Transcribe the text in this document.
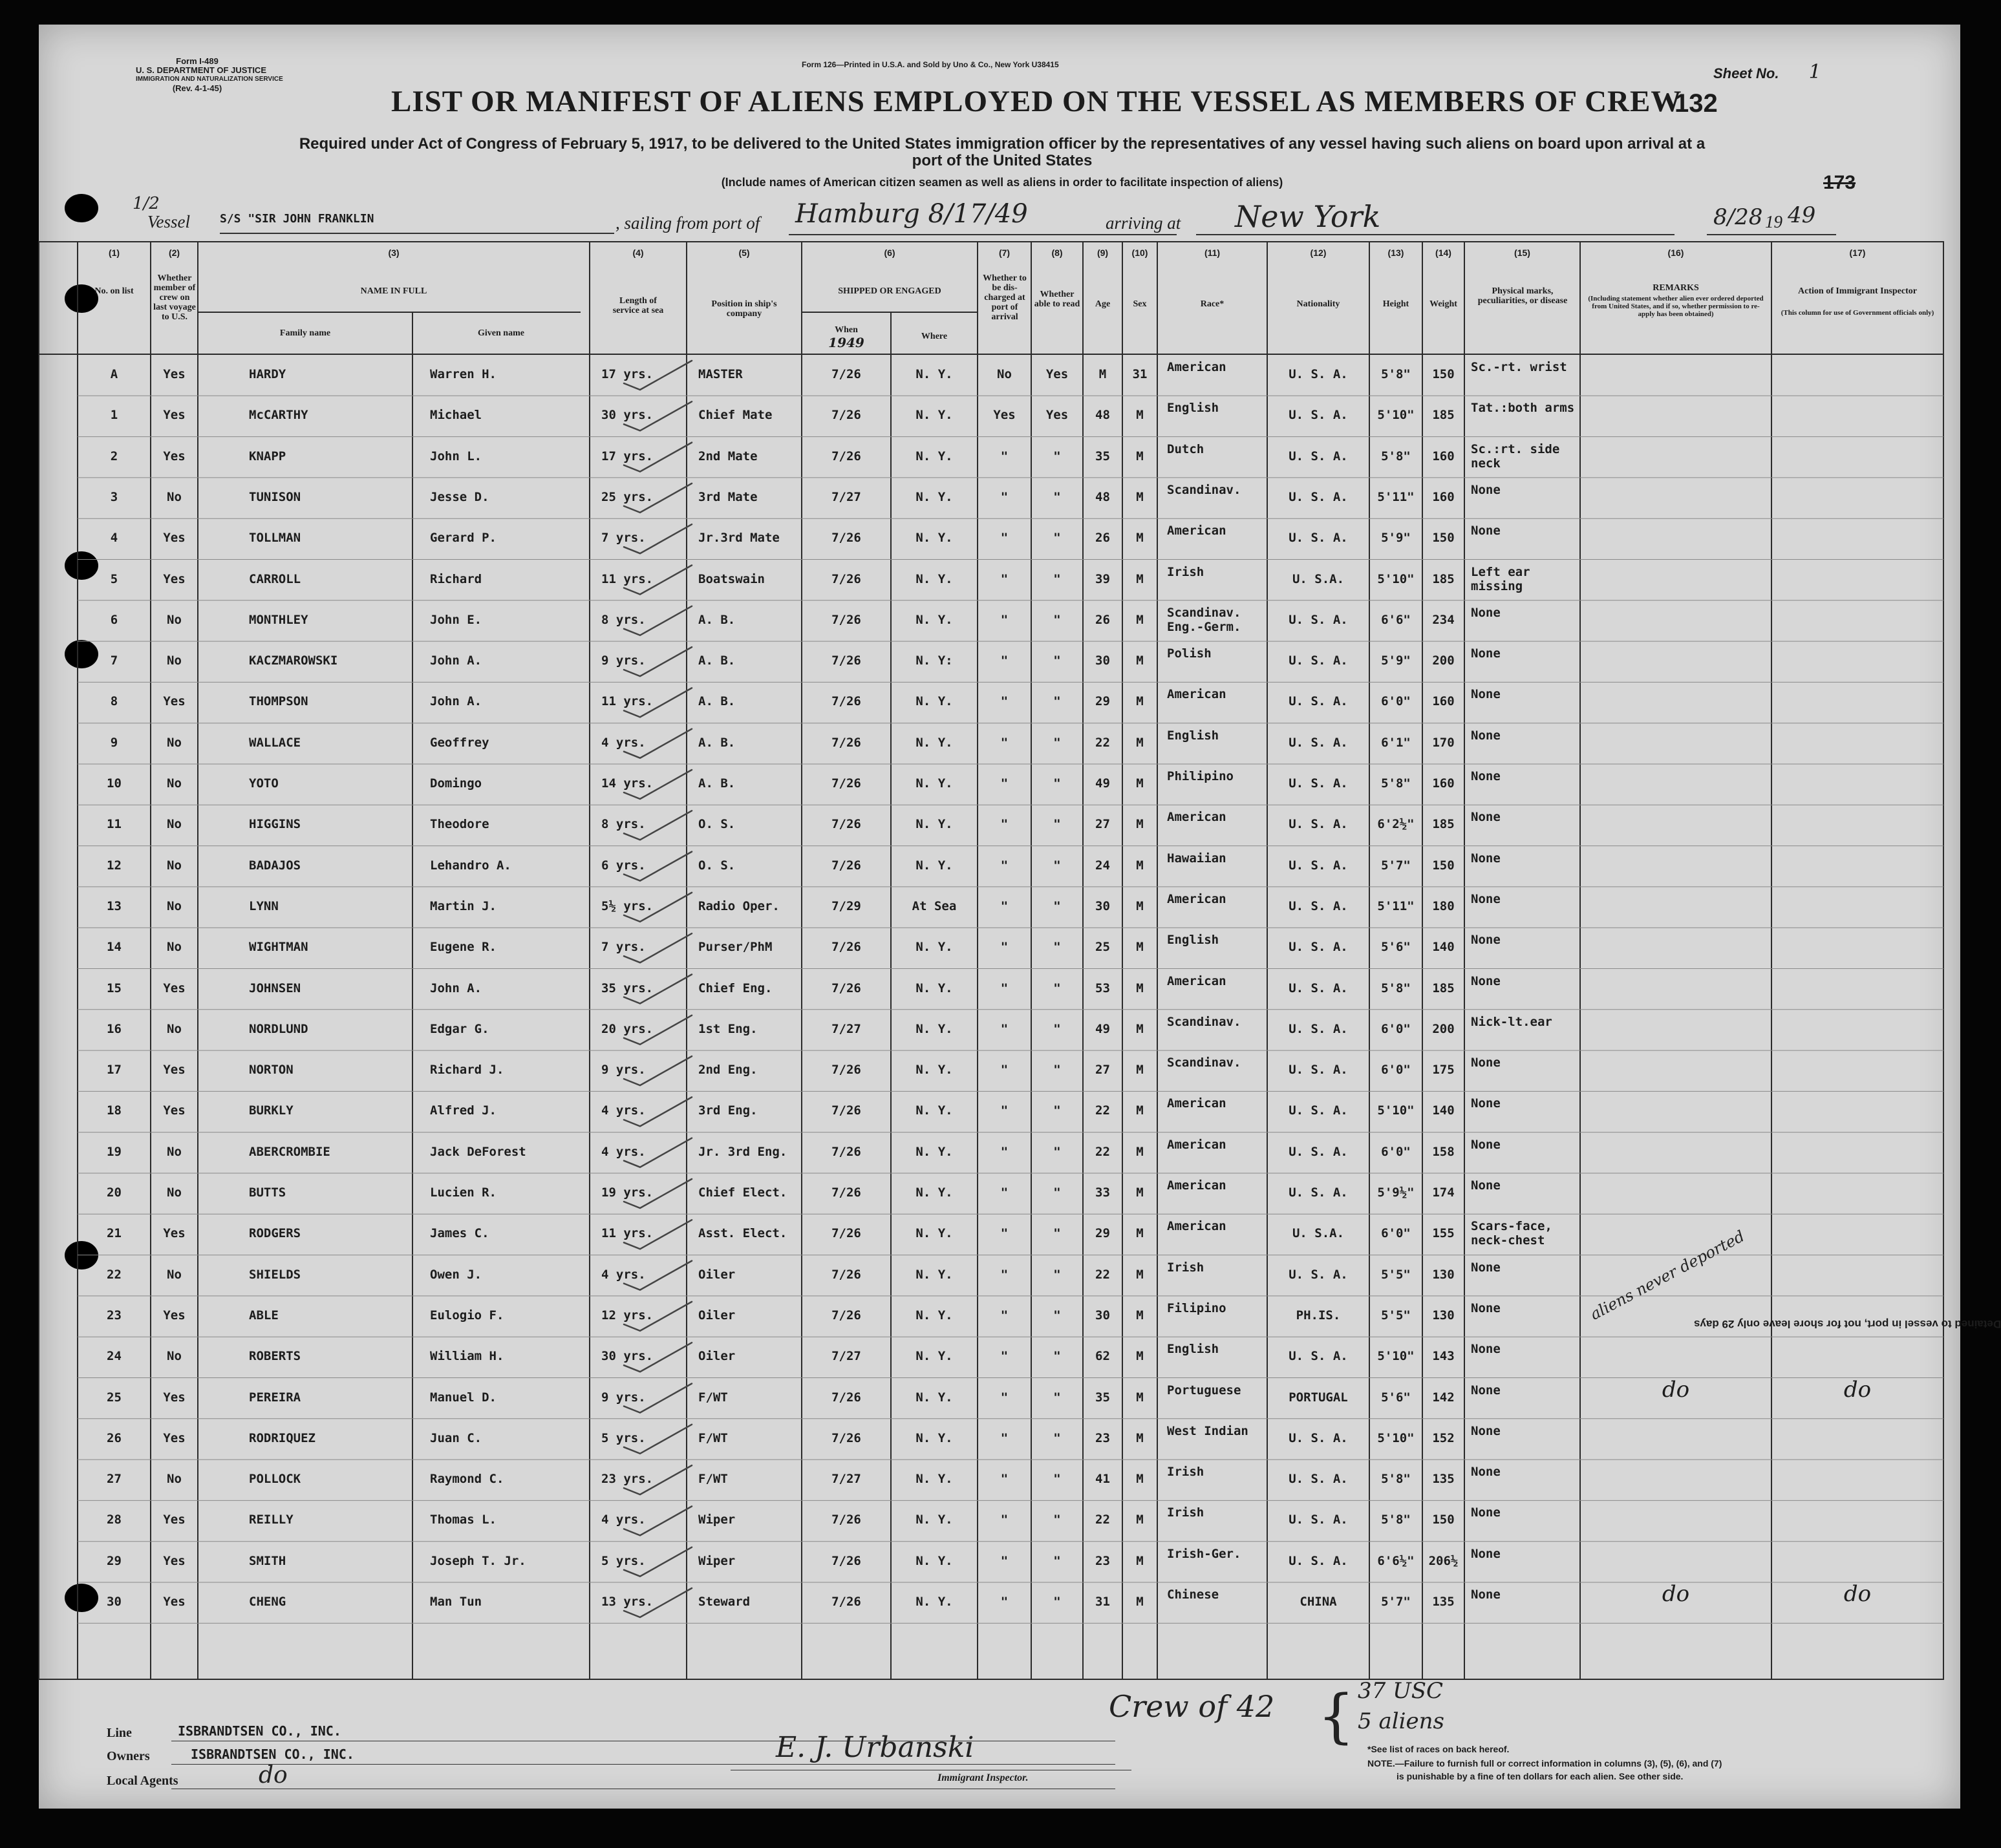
Form I-489
U. S. DEPARTMENT OF JUSTICE
IMMIGRATION AND NATURALIZATION SERVICE
(Rev. 4-1-45)
Form 126—Printed in U.S.A. and Sold by Uno & Co., New York U38415
Sheet No. 1
LIST OR MANIFEST OF ALIENS EMPLOYED ON THE VESSEL AS MEMBERS OF CREW
132
Required under Act of Congress of February 5, 1917, to be delivered to the United States immigration officer by the representatives of any vessel having such aliens on board upon arrival at a
port of the United States
(Include names of American citizen seamen as well as aliens in order to facilitate inspection of aliens)	173
1/2
Vessel	S/S "SIR JOHN FRANKLIN	, sailing from port of Hamburg 8/17/49	arriving at New York	8/28 19 49
(1)	(2)	(3)	(4)	(5)	(6)	(7)	(8)	(9)	(10)	(11)	(12)	(13)	(14)	(15)	(16)	(17)
No. on list
Whether member of crew on last voyage to U.S.
NAME IN FULL
Family name	Given name
Length of service at sea
Position in ship's company
SHIPPED OR ENGAGED
When
1949	Where
Whether to be dis-charged at port of arrival
Whether able to read	Age	Sex	Race*	Nationality	Height	Weight
Physical marks, peculiarities, or disease
REMARKS
(Including statement whether alien ever ordered deported from United States, and if so, whether permission to re-apply has been obtained)
Action of Immigrant Inspector
(This column for use of Government officials only)
A	Yes	HARDY	Warren H.	17 yrs.	MASTER	7/26	N. Y.	No	Yes	M	31	American	U. S. A.	5'8"	150	Sc.-rt. wrist
1	Yes	McCARTHY	Michael	30 yrs.	Chief Mate	7/26	N. Y.	Yes	Yes	48	M	English	U. S. A.	5'10"	185	Tat.:both arms
2	Yes	KNAPP	John L.	17 yrs.	2nd Mate	7/26	N. Y.	"	"	35	M	Dutch	U. S. A.	5'8"	160	Sc.:rt. side neck
3	No	TUNISON	Jesse D.	25 yrs.	3rd Mate	7/27	N. Y.	"	"	48	M	Scandinav.	U. S. A.	5'11"	160	None
4	Yes	TOLLMAN	Gerard P.	7 yrs.	Jr.3rd Mate	7/26	N. Y.	"	"	26	M	American	U. S. A.	5'9"	150	None
5	Yes	CARROLL	Richard	11 yrs.	Boatswain	7/26	N. Y.	"	"	39	M	Irish	U. S.A.	5'10"	185	Left ear missing
6	No	MONTHLEY	John E.	8 yrs.	A. B.	7/26	N. Y.	"	"	26	M	Scandinav. Eng.-Germ.	U. S. A.	6'6"	234	None
7	No	KACZMAROWSKI	John A.	9 yrs.	A. B.	7/26	N. Y:	"	"	30	M	Polish	U. S. A.	5'9"	200	None
8	Yes	THOMPSON	John A.	11 yrs.	A. B.	7/26	N. Y.	"	"	29	M	American	U. S. A.	6'0"	160	None
9	No	WALLACE	Geoffrey	4 yrs.	A. B.	7/26	N. Y.	"	"	22	M	English	U. S. A.	6'1"	170	None
10	No	YOTO	Domingo	14 yrs.	A. B.	7/26	N. Y.	"	"	49	M	Philipino	U. S. A.	5'8"	160	None
11	No	HIGGINS	Theodore	8 yrs.	O. S.	7/26	N. Y.	"	"	27	M	American	U. S. A.	6'2½"	185	None
12	No	BADAJOS	Lehandro A.	6 yrs.	O. S.	7/26	N. Y.	"	"	24	M	Hawaiian	U. S. A.	5'7"	150	None
13	No	LYNN	Martin J.	5½ yrs.	Radio Oper.	7/29	At Sea	"	"	30	M	American	U. S. A.	5'11"	180	None
14	No	WIGHTMAN	Eugene R.	7 yrs.	Purser/PhM	7/26	N. Y.	"	"	25	M	English	U. S. A.	5'6"	140	None
15	Yes	JOHNSEN	John A.	35 yrs.	Chief Eng.	7/26	N. Y.	"	"	53	M	American	U. S. A.	5'8"	185	None
16	No	NORDLUND	Edgar G.	20 yrs.	1st Eng.	7/27	N. Y.	"	"	49	M	Scandinav.	U. S. A.	6'0"	200	Nick-lt.ear
17	Yes	NORTON	Richard J.	9 yrs.	2nd Eng.	7/26	N. Y.	"	"	27	M	Scandinav.	U. S. A.	6'0"	175	None
18	Yes	BURKLY	Alfred J.	4 yrs.	3rd Eng.	7/26	N. Y.	"	"	22	M	American	U. S. A.	5'10"	140	None
19	No	ABERCROMBIE	Jack DeForest	4 yrs.	Jr. 3rd Eng.	7/26	N. Y.	"	"	22	M	American	U. S. A.	6'0"	158	None
20	No	BUTTS	Lucien R.	19 yrs.	Chief Elect.	7/26	N. Y.	"	"	33	M	American	U. S. A.	5'9½"	174	None
21	Yes	RODGERS	James C.	11 yrs.	Asst. Elect.	7/26	N. Y.	"	"	29	M	American	U. S.A.	6'0"	155	Scars-face, neck-chest
22	No	SHIELDS	Owen J.	4 yrs.	Oiler	7/26	N. Y.	"	"	22	M	Irish	U. S. A.	5'5"	130	None
23	Yes	ABLE	Eulogio F.	12 yrs.	Oiler	7/26	N. Y.	"	"	30	M	Filipino	PH.IS.	5'5"	130	None
24	No	ROBERTS	William H.	30 yrs.	Oiler	7/27	N. Y.	"	"	62	M	English	U. S. A.	5'10"	143	None
25	Yes	PEREIRA	Manuel D.	9 yrs.	F/WT	7/26	N. Y.	"	"	35	M	Portuguese	PORTUGAL	5'6"	142	None	do	do
26	Yes	RODRIQUEZ	Juan C.	5 yrs.	F/WT	7/26	N. Y.	"	"	23	M	West Indian	U. S. A.	5'10"	152	None
27	No	POLLOCK	Raymond C.	23 yrs.	F/WT	7/27	N. Y.	"	"	41	M	Irish	U. S. A.	5'8"	135	None
28	Yes	REILLY	Thomas L.	4 yrs.	Wiper	7/26	N. Y.	"	"	22	M	Irish	U. S. A.	5'8"	150	None
29	Yes	SMITH	Joseph T. Jr.	5 yrs.	Wiper	7/26	N. Y.	"	"	23	M	Irish-Ger.	U. S. A.	6'6½"	206½	None
30	Yes	CHENG	Man Tun	13 yrs.	Steward	7/26	N. Y.	"	"	31	M	Chinese	CHINA	5'7"	135	None	do	do
aliens never deported
Detained to vessel in port, not for shore leave only 29 days
Line	ISBRANDTSEN CO., INC.
Owners	ISBRANDTSEN CO., INC.
Local Agents	do
E. J. Urbanski
Immigrant Inspector.
Crew of 42 { 37 USC
5 aliens
*See list of races on back hereof.
NOTE.—Failure to furnish full or correct information in columns (3), (5), (6), and (7)
is punishable by a fine of ten dollars for each alien. See other side.
